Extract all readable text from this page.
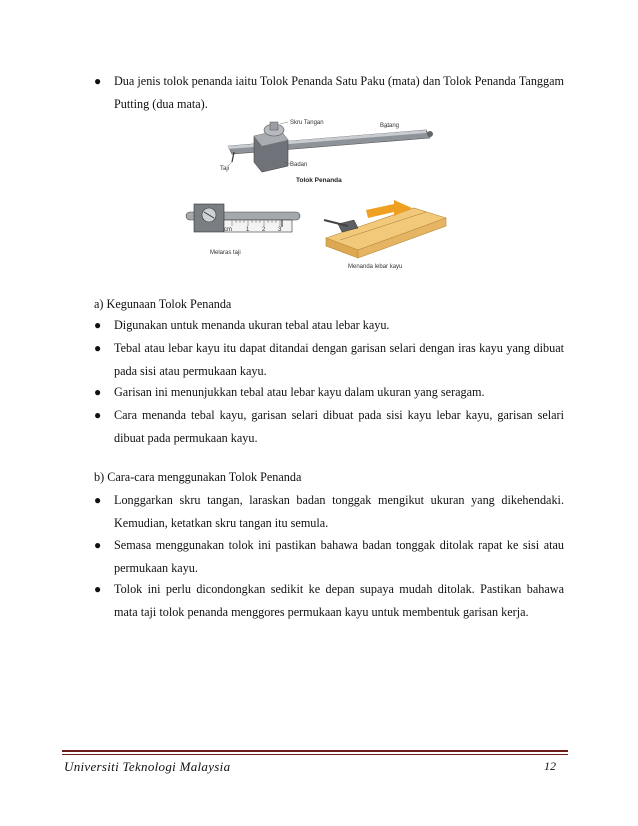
●	Dua jenis tolok penanda iaitu Tolok Penanda Satu Paku (mata) dan Tolok Penanda Tanggam Putting (dua mata).
Skru Tangan	Batang
Taji
Badan
Tolok Penanda
cm 1 2 3
Melaras taji
Menanda lebar kayu
a) Kegunaan Tolok Penanda
●	Digunakan untuk menanda ukuran tebal atau lebar kayu.
●	Tebal atau lebar kayu itu dapat ditandai dengan garisan selari dengan iras kayu yang dibuat pada sisi atau permukaan kayu.
●	Garisan ini menunjukkan tebal atau lebar kayu dalam ukuran yang seragam.
●	Cara menanda tebal kayu, garisan selari dibuat pada sisi kayu lebar kayu, garisan selari dibuat pada permukaan kayu.
b) Cara-cara menggunakan Tolok Penanda
●	Longgarkan skru tangan, laraskan badan tonggak mengikut ukuran yang dikehendaki. Kemudian, ketatkan skru tangan itu semula.
●	Semasa menggunakan tolok ini pastikan bahawa badan tonggak ditolak rapat ke sisi atau permukaan kayu.
●	Tolok ini perlu dicondongkan sedikit ke depan supaya mudah ditolak. Pastikan bahawa mata taji tolok penanda menggores permukaan kayu untuk membentuk garisan kerja.
Universiti Teknologi Malaysia	12
